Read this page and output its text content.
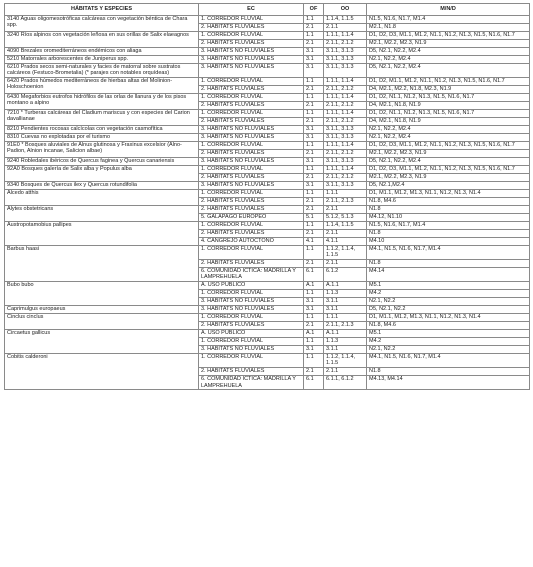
HÁBITATS Y ESPECIES	EC	OF	OO	M/N/D
3140 Aguas oligomesotróficas calcáreas con vegetación béntica de Chara spp.	1. CORREDOR FLUVIAL	1.1	1.1.4, 1.1.5	N1.5, N1.6, N1.7, M1.4
	2. HÁBITATS FLUVIALES	2.1	2.1.1	M2.1, N1.8
3240 Ríos alpinos con vegetación leñosa en sus orillas de Salix elaeagnos	1. CORREDOR FLUVIAL	1.1	1.1.1, 1.1.4	D1, D2, D3, M1.1, M1.2, N1.1, N1.2, N1.3, N1.5, N1.6, N1.7
	2. HÁBITATS FLUVIALES	2.1	2.1.1, 2.1.2	M2.1, M2.2, M2.3, N1.9
4090 Brezales oromediterráneos endémicos con aliaga	3. HÁBITATS NO FLUVIALES	3.1	3.1.1, 3.1.3	D5, N2.1, N2.2, M2.4
5210 Matorrales arborescentes de Juniperus spp.	3. HÁBITATS NO FLUVIALES	3.1	3.1.1, 3.1.3	N2.1, N2.2, M2.4
6210 Prados secos semi-naturales y facies de matorral sobre sustratos calcáreos (Festuco-Brometalia) (* parajes con notables orquídeas)	3. HÁBITATS NO FLUVIALES	3.1	3.1.1, 3.1.3	D5, N2.1, N2.2, M2.4
6420 Prados húmedos mediterráneos de hierbas altas del Molinion-Holoschoenion	1. CORREDOR FLUVIAL	1.1	1.1.1, 1.1.4	D1, D2, M1.1, M1.2, N1.1, N1.2, N1.3, N1.5, N1.6, N1.7
	2. HÁBITATS FLUVIALES	2.1	2.1.1, 2.1.2	D4, M2.1, M2.2, N1.8, M2.3, N1.9
6430 Megaforbios eutrofos hidrófilos de las orlas de llanura y de los pisos montano a alpino	1. CORREDOR FLUVIAL	1.1	1.1.1, 1.1.4	D1, D2, N1.1, N1.2, N1.3, N1.5, N1.6, N1.7
	2. HÁBITATS FLUVIALES	2.1	2.1.1, 2.1.2	D4, M2.1, N1.8, N1.9
7210 * Turberas calcáreas del Cladium mariscus y con especies del Carion davallianae	1. CORREDOR FLUVIAL	1.1	1.1.1, 1.1.4	D1, D2, N1.1, N1.2, N1.3, N1.5, N1.6, N1.7
	2. HÁBITATS FLUVIALES	2.1	2.1.1, 2.1.2	D4, M2.1, N1.8, N1.9
8210 Pendientes rocosas calcícolas con vegetación casmofítica	3. HÁBITATS NO FLUVIALES	3.1	3.1.1, 3.1.3	N2.1, N2.2, M2.4
8310 Cuevas no explotadas por el turismo	3. HÁBITATS NO FLUVIALES	3.1	3.1.1, 3.1.3	N2.1, N2.2, M2.4
91E0 * Bosques aluviales de Alnus glutinosa y Fraxinus excelsior (Alno-Padion, Alnion incanae, Salicion albae)	1. CORREDOR FLUVIAL	1.1	1.1.1, 1.1.4	D1, D2, D3, M1.1, M1.2, N1.1, N1.2, N1.3, N1.5, N1.6, N1.7
	2. HÁBITATS FLUVIALES	2.1	2.1.1, 2.1.2	M2.1, M2.2, M2.3, N1.9
9240 Robledales ibéricos de Quercus faginea y Quercus canariensis	3. HÁBITATS NO FLUVIALES	3.1	3.1.1, 3.1.3	D5, N2.1, N2.2, M2.4
92A0 Bosques galería de Salix alba y Populus alba	1. CORREDOR FLUVIAL	1.1	1.1.1, 1.1.4	D1, D2, D3, M1.1, M1.2, N1.1, N1.2, N1.3, N1.5, N1.6, N1.7
	2. HÁBITATS FLUVIALES	2.1	2.1.1, 2.1.2	M2.1, M2.2, M2.3, N1.9
9340 Bosques de Quercus ilex y Quercus rotundifolia	3. HÁBITATS NO FLUVIALES	3.1	3.1.1, 3.1.3	D5, N2.1,M2.4
Alcedo atthis	1. CORREDOR FLUVIAL	1.1	1.1.1	D1, M1.1, M1.2, M1.3, N1.1, N1.2, N1.3, N1.4
	2. HÁBITATS FLUVIALES	2.1	2.1.1, 2.1.3	N1.8, M4.6
Alytes obstetricans	2. HÁBITATS FLUVIALES	2.1	2.1.1	N1.8
	5. GALÁPAGO EUROPEO	5.1	5.1.2, 5.1.3	M4.12, N1.10
Austropotamobius pallipes	1. CORREDOR FLUVIAL	1.1	1.1.4, 1.1.5	N1.5, N1.6, N1.7, M1.4
	2. HÁBITATS FLUVIALES	2.1	2.1.1	N1.8
	4. CANGREJO AUTÓCTONO	4.1	4.1.1	M4.10
Barbus haasi	1. CORREDOR FLUVIAL	1.1	1.1.2, 1.1.4, 1.1.5	M4.1, N1.5, N1.6, N1.7, M1.4
	2. HÁBITATS FLUVIALES	2.1	2.1.1	N1.8
	6. COMUNIDAD ÍCTICA: MADRILLA Y LAMPREHUELA	6.1	6.1.2	M4.14
Bubo bubo	A. USO PÚBLICO	A.1	A.1.1	M5.1
	1. CORREDOR FLUVIAL	1.1	1.1.3	M4.2
	3. HÁBITATS NO FLUVIALES	3.1	3.1.1	N2.1, N2.2
Caprimulgus europaeus	3. HÁBITATS NO FLUVIALES	3.1	3.1.1	D5, N2.1, N2.2
Cinclus cinclus	1. CORREDOR FLUVIAL	1.1	1.1.1	D1, M1.1, M1.2, M1.3, N1.1, N1.2, N1.3, N1.4
	2. HÁBITATS FLUVIALES	2.1	2.1.1, 2.1.3	N1.8, M4.6
Circaetus gallicus	A. USO PÚBLICO	A.1	A.1.1	M5.1
	1. CORREDOR FLUVIAL	1.1	1.1.3	M4.2
	3. HÁBITATS NO FLUVIALES	3.1	3.1.1	N2.1, N2.2
Cobitis calderoni	1. CORREDOR FLUVIAL	1.1	1.1.2, 1.1.4, 1.1.5	M4.1, N1.5, N1.6, N1.7, M1.4
	2. HÁBITATS FLUVIALES	2.1	2.1.1	N1.8
	6. COMUNIDAD ÍCTICA: MADRILLA Y LAMPREHUELA	6.1	6.1.1, 6.1.2	M4.13, M4.14
